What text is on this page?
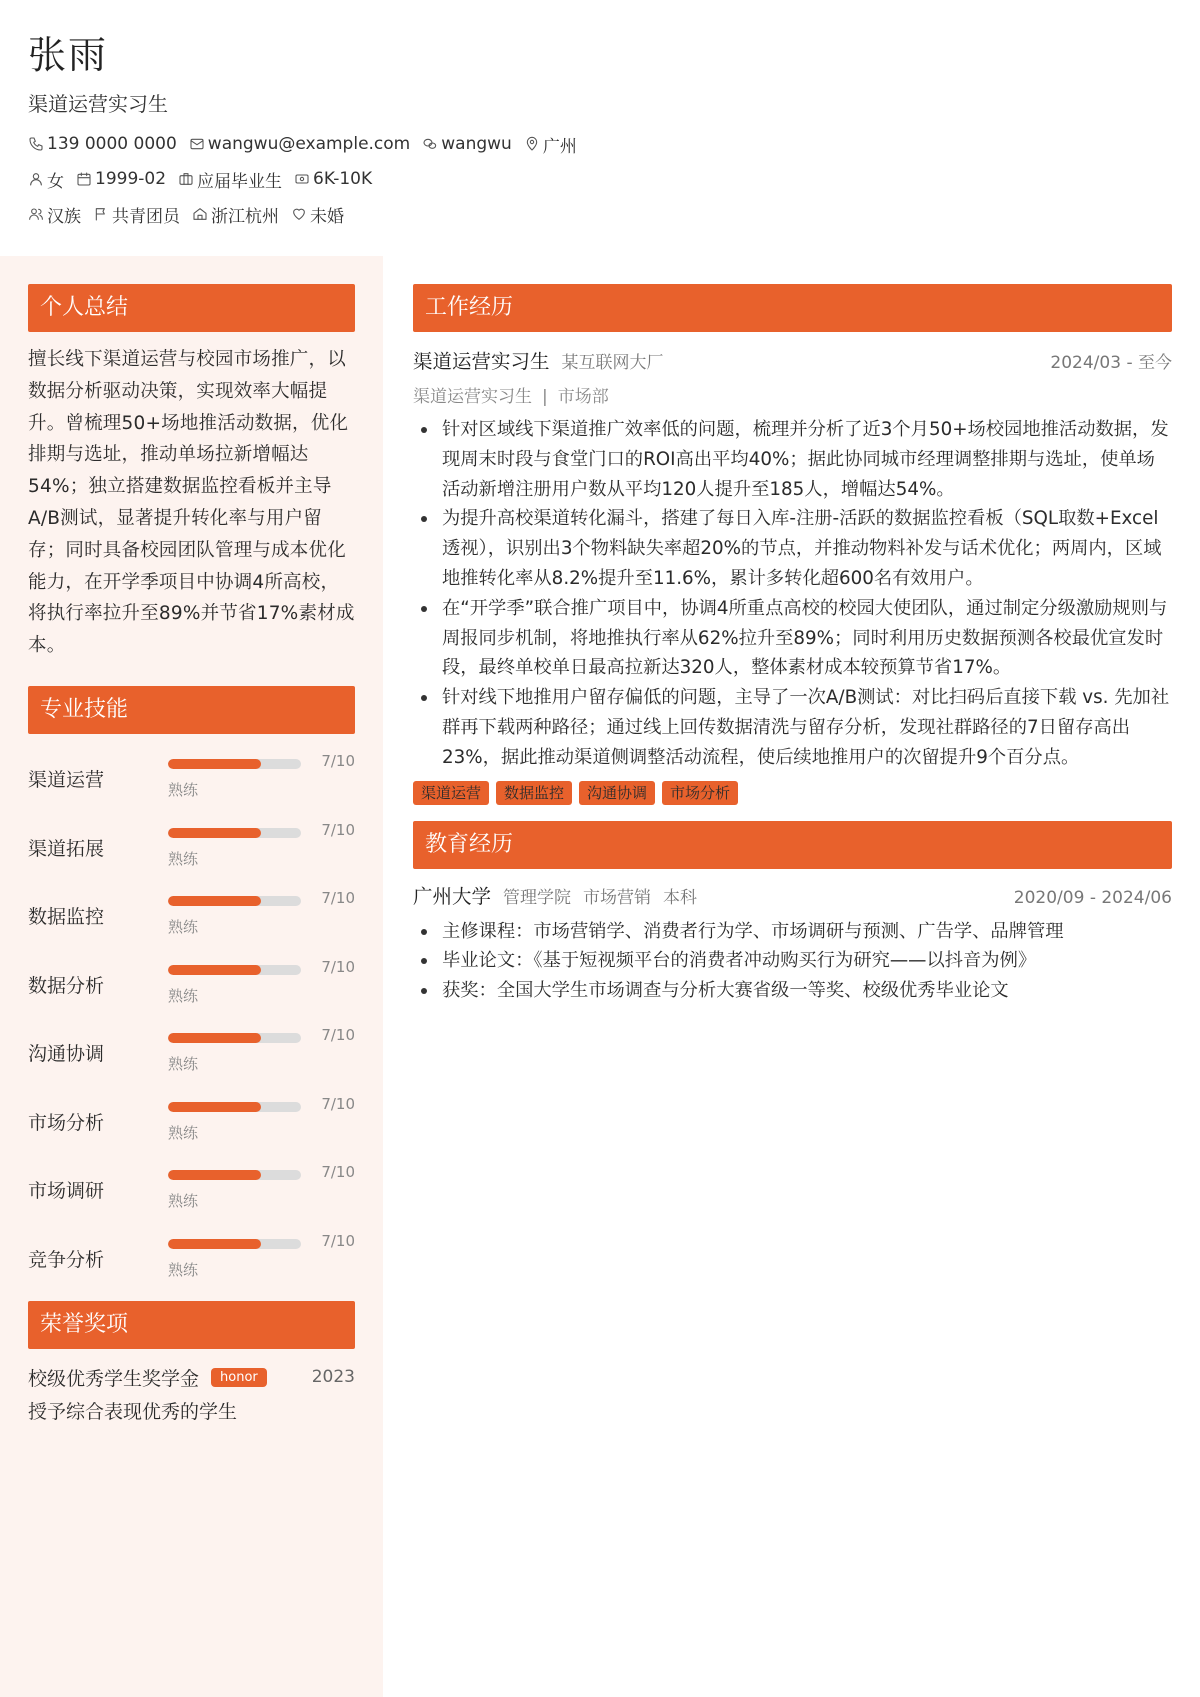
张雨
渠道运营实习生
139 0000 0000 wangwu@example.com wangwu 广州
女 1999-02 应届毕业生 6K-10K
汉族 共青团员 浙江杭州 未婚
个人总结
擅长线下渠道运营与校园市场推广，以数据分析驱动决策，实现效率大幅提升。曾梳理50+场地推活动数据，优化排期与选址，推动单场拉新增幅达54%；独立搭建数据监控看板并主导A/B测试，显著提升转化率与用户留存；同时具备校园团队管理与成本优化能力，在开学季项目中协调4所高校，将执行率拉升至89%并节省17%素材成本。
专业技能
渠道运营
7/10
熟练
渠道拓展
7/10
熟练
数据监控
7/10
熟练
数据分析
7/10
熟练
沟通协调
7/10
熟练
市场分析
7/10
熟练
市场调研
7/10
熟练
竞争分析
7/10
熟练
荣誉奖项
校级优秀学生奖学金	honor	2023
授予综合表现优秀的学生
工作经历
渠道运营实习生 某互联网大厂	2024/03 - 至今
渠道运营实习生 | 市场部
针对区域线下渠道推广效率低的问题，梳理并分析了近3个月50+场校园地推活动数据，发现周末时段与食堂门口的ROI高出平均40%；据此协同城市经理调整排期与选址，使单场活动新增注册用户数从平均120人提升至185人，增幅达54%。
为提升高校渠道转化漏斗，搭建了每日入库-注册-活跃的数据监控看板（SQL取数+Excel透视），识别出3个物料缺失率超20%的节点，并推动物料补发与话术优化；两周内，区域地推转化率从8.2%提升至11.6%，累计多转化超600名有效用户。
在“开学季”联合推广项目中，协调4所重点高校的校园大使团队，通过制定分级激励规则与周报同步机制，将地推执行率从62%拉升至89%；同时利用历史数据预测各校最优宣发时段，最终单校单日最高拉新达320人，整体素材成本较预算节省17%。
针对线下地推用户留存偏低的问题，主导了一次A/B测试：对比扫码后直接下载 vs. 先加社群再下载两种路径；通过线上回传数据清洗与留存分析，发现社群路径的7日留存高出23%，据此推动渠道侧调整活动流程，使后续地推用户的次留提升9个百分点。
渠道运营	数据监控	沟通协调	市场分析
教育经历
广州大学 管理学院 市场营销 本科	2020/09 - 2024/06
主修课程：市场营销学、消费者行为学、市场调研与预测、广告学、品牌管理
毕业论文：《基于短视频平台的消费者冲动购买行为研究——以抖音为例》
获奖：全国大学生市场调查与分析大赛省级一等奖、校级优秀毕业论文
